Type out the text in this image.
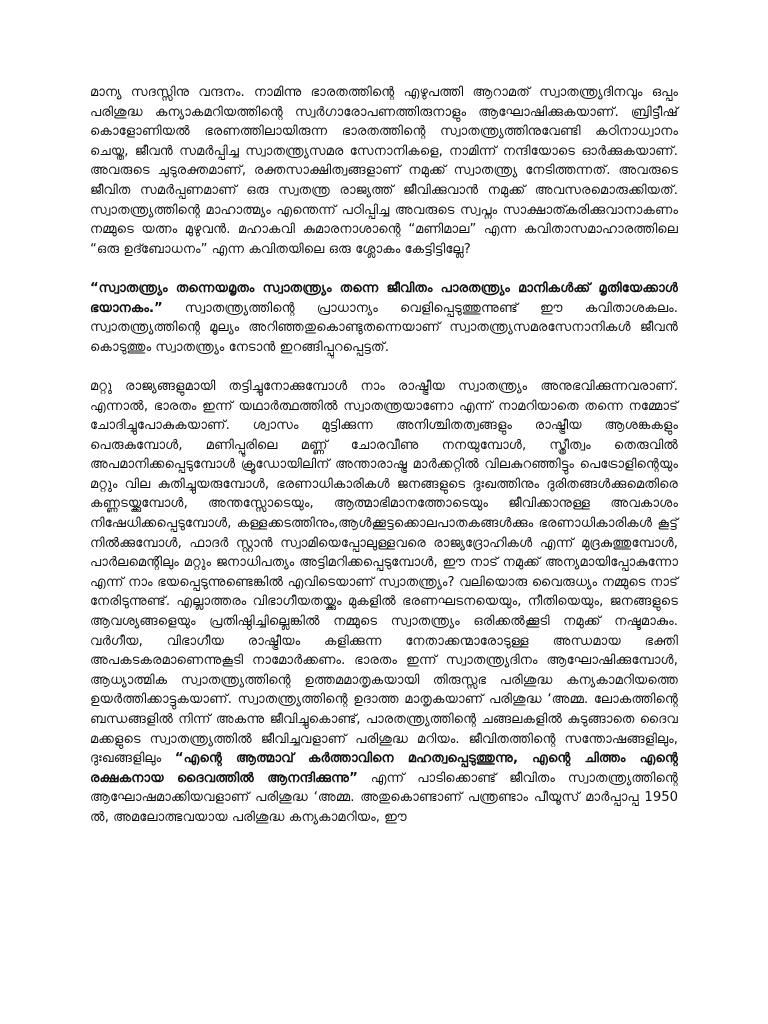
മാന്യ സദസ്സിനു വന്ദനം. നാമിന്നു ഭാരതത്തിന്റെ എഴുപത്തി ആറാമത് സ്വാതന്ത്ര്യദിനവും ഒപ്പം പരിശുദ്ധ കന്യാകമറിയത്തിന്റെ സ്വർഗാരോപണത്തിരുനാളും ആഘോഷിക്കുകയാണ്. ബ്രിട്ടീഷ് കൊളോണിയൽ ഭരണത്തിലായിരുന്ന ഭാരതത്തിന്റെ സ്വാതന്ത്ര്യത്തിനുവേണ്ടി കഠിനാധ്വാനം ചെയ്ത, ജീവൻ സമർപ്പിച്ച സ്വാതന്ത്ര്യസമര സേനാനികളെ, നാമിന്ന് നന്ദിയോടെ ഓർക്കുകയാണ്. അവരുടെ ചുടുരക്തമാണ്, രക്തസാക്ഷിത്വങ്ങളാണ് നമുക്ക് സ്വാതന്ത്ര്യ നേടിത്തന്നത്. അവരുടെ ജീവിത സമർപ്പണമാണ് ഒരു സ്വതന്ത്ര രാജ്യത്ത് ജീവിക്കുവാൻ നമുക്ക് അവസരമൊരുക്കിയത്. സ്വാതന്ത്ര്യത്തിന്റെ മാഹാത്മ്യം എന്തെന്ന് പഠിപ്പിച്ച അവരുടെ സ്വപ്നം സാക്ഷാത്കരിക്കുവാനാകണം നമ്മുടെ യത്നം മുഴുവൻ. മഹാകവി കുമാരനാശാന്റെ “മണിമാല” എന്ന കവിതാസമാഹാരത്തിലെ “ഒരു ഉദ്ബോധനം” എന്ന കവിതയിലെ ഒരു ശ്ലോകം കേട്ടിട്ടില്ലേ?

“സ്വാതന്ത്ര്യം തന്നെയമൃതം സ്വാതന്ത്ര്യം തന്നെ ജീവിതം പാരതന്ത്ര്യം മാനികൾക്ക് മൃതിയേക്കാൾ ഭയാനകം.” സ്വാതന്ത്ര്യത്തിന്റെ പ്രാധാന്യം വെളിപ്പെടുത്തുന്നുണ്ട് ഈ കവിതാശകലം. സ്വാതന്ത്ര്യത്തിന്റെ മൂല്യം അറിഞ്ഞതുകൊണ്ടുതന്നെയാണ് സ്വാതന്ത്ര്യസമരസേനാനികൾ ജീവൻ കൊടുത്തും സ്വാതന്ത്ര്യം നേടാൻ ഇറങ്ങിപ്പുറപ്പെട്ടത്.

മറ്റു രാജ്യങ്ങളുമായി തട്ടിച്ചുനോക്കുമ്പോൾ നാം രാഷ്ട്രീയ സ്വാതന്ത്ര്യം അനുഭവിക്കുന്നവരാണ്. എന്നാൽ, ഭാരതം ഇന്ന് യഥാർത്ഥത്തിൽ സ്വാതന്ത്രയാണോ എന്ന് നാമറിയാതെ തന്നെ നമ്മോട് ചോദിച്ചുപോകുകയാണ്. ശ്വാസം മുട്ടിക്കുന്ന അനിശ്ചിതത്വങ്ങളും രാഷ്ട്രീയ ആശങ്കകളും പെരുകുമ്പോൾ, മണിപ്പൂരിലെ മണ്ണ് ചോരവീണു നനയുമ്പോൾ, സ്ത്രീത്വം തെരുവിൽ അപമാനിക്കപ്പെടുമ്പോൾ ക്രൂഡോയിലിന് അന്താരാഷ്ട്ര മാർക്കറ്റിൽ വിലകുറഞ്ഞിട്ടും പെട്രോളിന്റെയും മറ്റും വില കുതിച്ചുയരുമ്പോൾ, ഭരണാധികാരികൾ ജനങ്ങളുടെ ദുഃഖത്തിനും ദുരിതങ്ങൾക്കുമെതിരെ കണ്ണടയ്ക്കുമ്പോൾ, അന്തസ്സോടെയും, ആത്മാഭിമാനത്തോടെയും ജീവിക്കാനുള്ള അവകാശം നിഷേധിക്കപ്പെടുമ്പോൾ, കള്ളക്കടത്തിനും,ആൾക്കൂട്ടക്കൊലപാതകങ്ങൾക്കും ഭരണാധികാരികൾ കൂട്ട് നിൽക്കുമ്പോൾ, ഫാദർ സ്റ്റാൻ സ്വാമിയെപ്പോലുള്ളവരെ രാജ്യദ്രോഹികൾ എന്ന് മുദ്രകുത്തുമ്പോൾ, പാർലമെന്റിലും മറ്റും ജനാധിപത്യം അട്ടിമറിക്കപ്പെടുമ്പോൾ, ഈ നാട് നമുക്ക് അന്യമായിപ്പോകുന്നോ എന്ന് നാം ഭയപ്പെടുന്നുണ്ടെങ്കിൽ എവിടെയാണ് സ്വാതന്ത്ര്യം? വലിയൊരു വൈരുധ്യം നമ്മുടെ നാട് നേരിടുന്നുണ്ട്. എല്ലാത്തരം വിഭാഗീയതയ്ക്കും മുകളിൽ ഭരണഘടനയെയും, നീതിയെയും, ജനങ്ങളുടെ ആവശ്യങ്ങളെയും പ്രതിഷ്ഠിച്ചില്ലെങ്കിൽ നമ്മുടെ സ്വാതന്ത്ര്യം ഒരിക്കൽക്കൂടി നമുക്ക് നഷ്ടമാകും. വർഗീയ, വിഭാഗീയ രാഷ്ട്രീയം കളിക്കുന്ന നേതാക്കന്മാരോടുള്ള അന്ധമായ ഭക്തി അപകടകരമാണെന്നുകൂടി നാമോർക്കണം. ഭാരതം ഇന്ന് സ്വാതന്ത്ര്യദിനം ആഘോഷിക്കുമ്പോൾ, ആധ്യാത്മിക സ്വാതന്ത്ര്യത്തിന്റെ ഉത്തമമാതൃകയായി തിരുസ്സഭ പരിശുദ്ധ കന്യകാമറിയത്തെ ഉയർത്തിക്കാട്ടുകയാണ്. സ്വാതന്ത്ര്യത്തിന്റെ ഉദാത്ത മാതൃകയാണ് പരിശുദ്ധ ‘അമ്മ. ലോകത്തിന്റെ ബന്ധങ്ങളിൽ നിന്ന് അകന്നു ജീവിച്ചുകൊണ്ട്, പാരതന്ത്ര്യത്തിന്റെ ചങ്ങലകളിൽ കുടുങ്ങാതെ ദൈവ മക്കളുടെ സ്വാതന്ത്ര്യത്തിൽ ജീവിച്ചവളാണ് പരിശുദ്ധ മറിയം. ജീവിതത്തിന്റെ സന്തോഷങ്ങളിലും, ദുഃഖങ്ങളിലും “എന്റെ ആത്മാവ് കർത്താവിനെ മഹത്വപ്പെടുത്തുന്നു, എന്റെ ചിത്തം എന്റെ രക്ഷകനായ ദൈവത്തിൽ ആനന്ദിക്കുന്നു” എന്ന് പാടിക്കൊണ്ട് ജീവിതം സ്വാതന്ത്ര്യത്തിന്റെ ആഘോഷമാക്കിയവളാണ് പരിശുദ്ധ ‘അമ്മ. അതുകൊണ്ടാണ് പന്ത്രണ്ടാം പീയൂസ് മാർപ്പാപ്പ 1950 ൽ, അമലോത്ഭവയായ പരിശുദ്ധ കന്യകാമറിയം, ഈ
